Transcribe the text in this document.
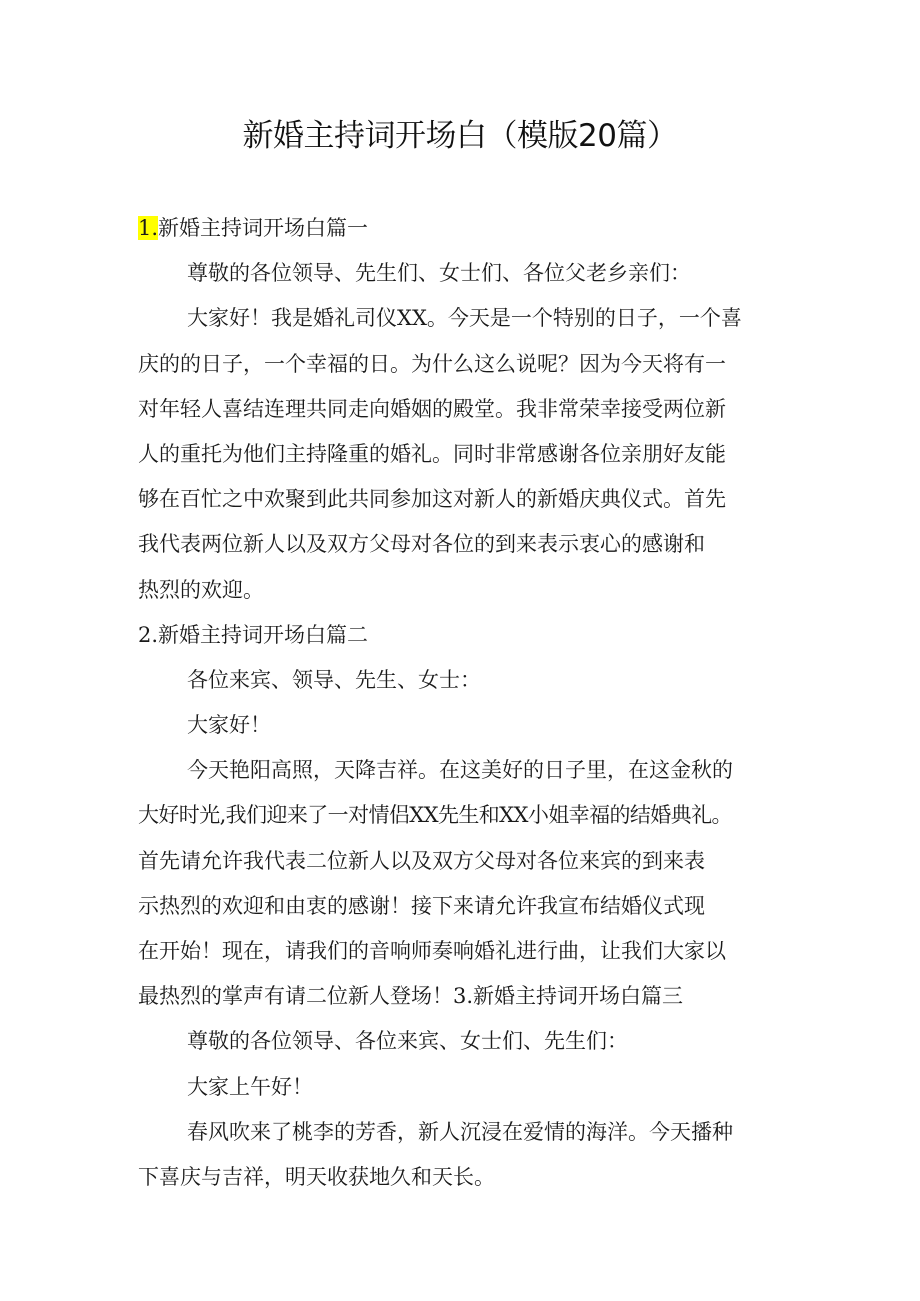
新婚主持词开场白（模版20篇）
1.新婚主持词开场白篇一
尊敬的各位领导、先生们、女士们、各位父老乡亲们：
大家好！我是婚礼司仪XX。今天是一个特别的日子，一个喜
庆的的日子，一个幸福的日。为什么这么说呢？因为今天将有一
对年轻人喜结连理共同走向婚姻的殿堂。我非常荣幸接受两位新
人的重托为他们主持隆重的婚礼。同时非常感谢各位亲朋好友能
够在百忙之中欢聚到此共同参加这对新人的新婚庆典仪式。首先
我代表两位新人以及双方父母对各位的到来表示衷心的感谢和
热烈的欢迎。
2.新婚主持词开场白篇二
各位来宾、领导、先生、女士：
大家好！
今天艳阳高照，天降吉祥。在这美好的日子里，在这金秋的
大好时光,我们迎来了一对情侣XX先生和XX小姐幸福的结婚典礼。
首先请允许我代表二位新人以及双方父母对各位来宾的到来表
示热烈的欢迎和由衷的感谢！接下来请允许我宣布结婚仪式现
在开始！现在，请我们的音响师奏响婚礼进行曲，让我们大家以
最热烈的掌声有请二位新人登场！3.新婚主持词开场白篇三
尊敬的各位领导、各位来宾、女士们、先生们：
大家上午好！
春风吹来了桃李的芳香，新人沉浸在爱情的海洋。今天播种
下喜庆与吉祥，明天收获地久和天长。
